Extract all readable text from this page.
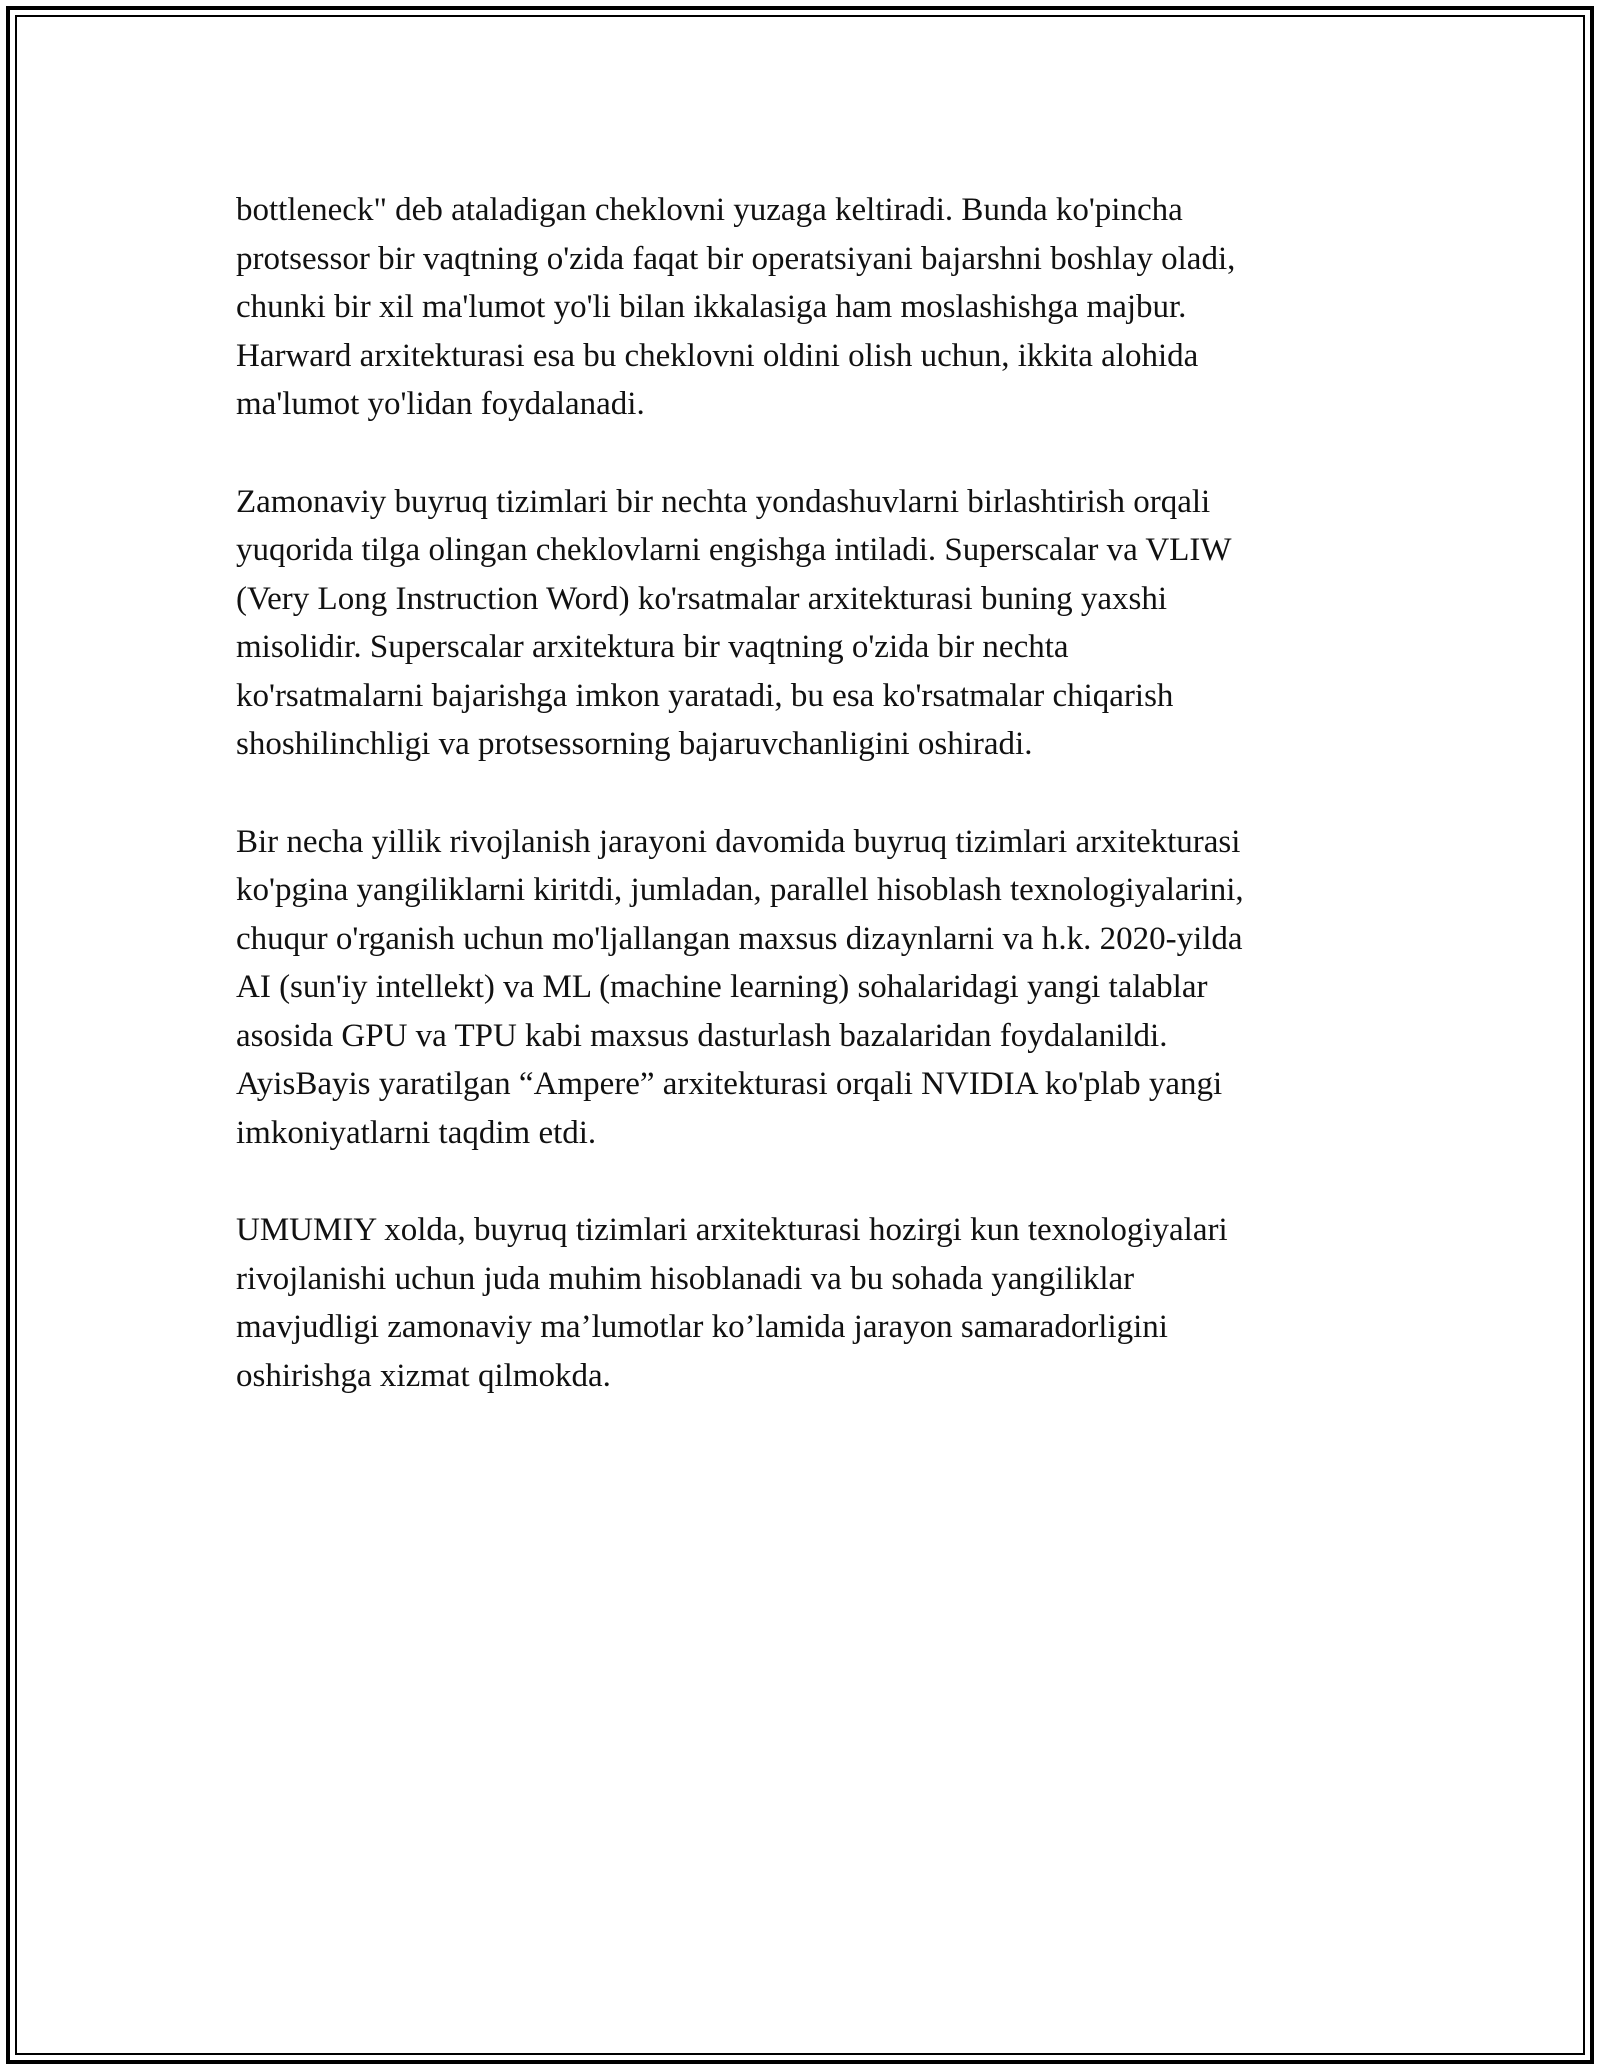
bottleneck" deb ataladigan cheklovni yuzaga keltiradi. Bunda ko'pincha
protsessor bir vaqtning o'zida faqat bir operatsiyani bajarshni boshlay oladi,
chunki bir xil ma'lumot yo'li bilan ikkalasiga ham moslashishga majbur.
Harward arxitekturasi esa bu cheklovni oldini olish uchun, ikkita alohida
ma'lumot yo'lidan foydalanadi.

Zamonaviy buyruq tizimlari bir nechta yondashuvlarni birlashtirish orqali
yuqorida tilga olingan cheklovlarni engishga intiladi. Superscalar va VLIW
(Very Long Instruction Word) ko'rsatmalar arxitekturasi buning yaxshi
misolidir. Superscalar arxitektura bir vaqtning o'zida bir nechta
ko'rsatmalarni bajarishga imkon yaratadi, bu esa ko'rsatmalar chiqarish
shoshilinchligi va protsessorning bajaruvchanligini oshiradi.

Bir necha yillik rivojlanish jarayoni davomida buyruq tizimlari arxitekturasi
ko'pgina yangiliklarni kiritdi, jumladan, parallel hisoblash texnologiyalarini,
chuqur o'rganish uchun mo'ljallangan maxsus dizaynlarni va h.k. 2020-yilda
AI (sun'iy intellekt) va ML (machine learning) sohalaridagi yangi talablar
asosida GPU va TPU kabi maxsus dasturlash bazalaridan foydalanildi.
AyisBayis yaratilgan “Ampere” arxitekturasi orqali NVIDIA ko'plab yangi
imkoniyatlarni taqdim etdi.

UMUMIY xolda, buyruq tizimlari arxitekturasi hozirgi kun texnologiyalari
rivojlanishi uchun juda muhim hisoblanadi va bu sohada yangiliklar
mavjudligi zamonaviy ma’lumotlar ko’lamida jarayon samaradorligini
oshirishga xizmat qilmokda.
